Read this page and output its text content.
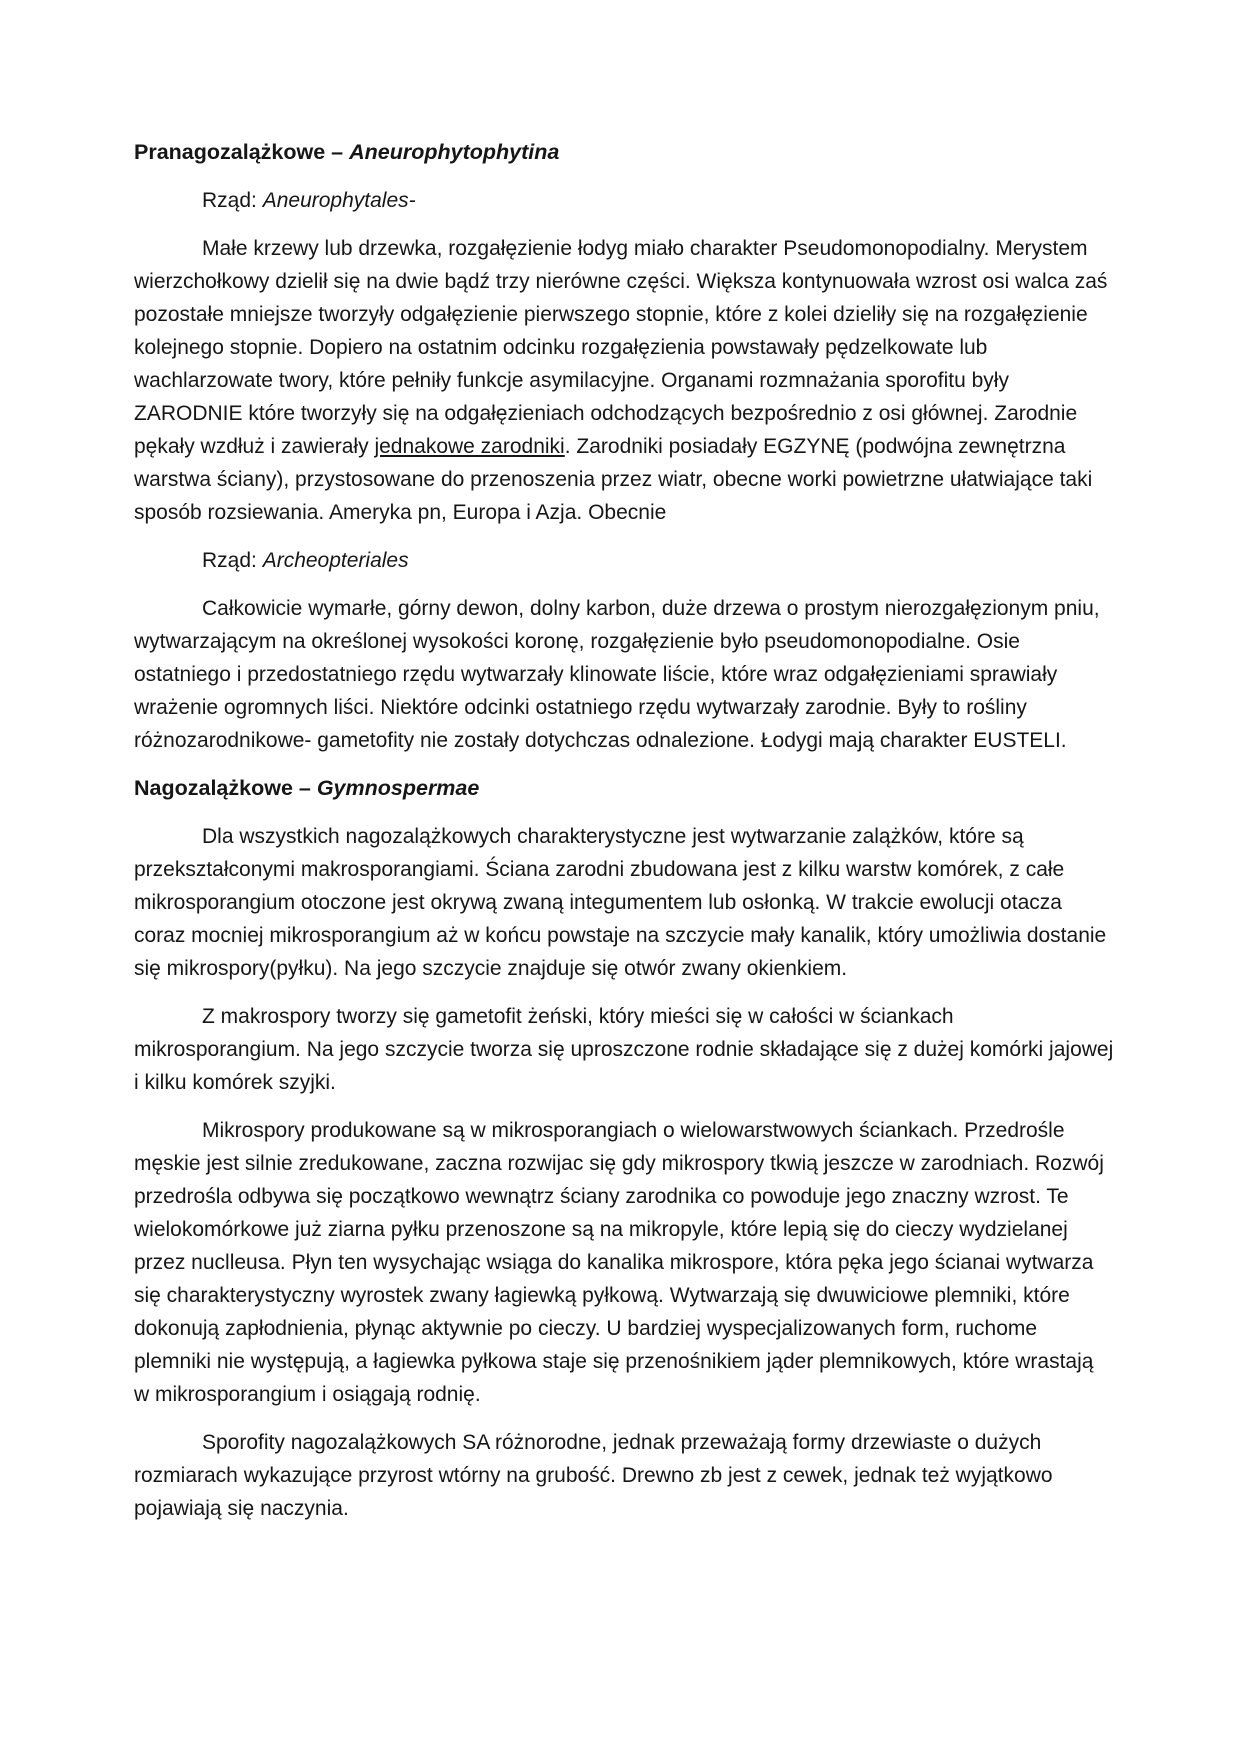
Pranagozalążkowe – Aneurophytophytina
Rząd: Aneurophytales-

Małe krzewy lub drzewka, rozgałęzienie łodyg miało charakter Pseudomonopodialny. Merystem wierzchołkowy dzielił się na dwie bądź trzy nierówne części. Większa kontynuowała wzrost osi walca zaś pozostałe mniejsze tworzyły odgałęzienie pierwszego stopnie, które z kolei dzieliły się na rozgałęzienie kolejnego stopnie. Dopiero na ostatnim odcinku rozgałęzienia powstawały pędzelkowate lub wachlarzowate twory, które pełniły funkcje asymilacyjne. Organami rozmnażania sporofitu były ZARODNIE które tworzyły się na odgałęzieniach odchodzących bezpośrednio z osi głównej. Zarodnie pękały wzdłuż i zawierały jednakowe zarodniki. Zarodniki posiadały EGZYNĘ (podwójna zewnętrzna warstwa ściany), przystosowane do przenoszenia przez wiatr, obecne worki powietrzne ułatwiające taki sposób rozsiewania. Ameryka pn, Europa i Azja. Obecnie

Rząd: Archeopteriales

Całkowicie wymarłe, górny dewon, dolny karbon, duże drzewa o prostym nierozgałęzionym pniu, wytwarzającym na określonej wysokości koronę, rozgałęzienie było pseudomonopodialne. Osie ostatniego i przedostatniego rzędu wytwarzały klinowate liście, które wraz odgałęzieniami sprawiały wrażenie ogromnych liści. Niektóre odcinki ostatniego rzędu wytwarzały zarodnie. Były to rośliny różnozarodnikowe- gametofity nie zostały dotychczas odnalezione. Łodygi mają charakter EUSTELI.

Nagozalążkowe – Gymnospermae

Dla wszystkich nagozalążkowych charakterystyczne jest wytwarzanie zalążków, które są przekształconymi makrosporangiami. Ściana zarodni zbudowana jest z kilku warstw komórek, z całe mikrosporangium otoczone jest okrywą zwaną integumentem lub osłonką. W trakcie ewolucji otacza coraz mocniej mikrosporangium aż w końcu powstaje na szczycie mały kanalik, który umożliwia dostanie się mikrospory(pyłku). Na jego szczycie znajduje się otwór zwany okienkiem.

Z makrospory tworzy się gametofit żeński, który mieści się w całości w ściankach mikrosporangium. Na jego szczycie tworza się uproszczone rodnie składające się z dużej komórki jajowej i kilku komórek szyjki.

Mikrospory produkowane są w mikrosporangiach o wielowarstwowych ściankach. Przedrośle męskie jest silnie zredukowane, zaczna rozwijac się gdy mikrospory tkwią jeszcze w zarodniach. Rozwój przedrośla odbywa się początkowo wewnątrz ściany zarodnika co powoduje jego znaczny wzrost. Te wielokomórkowe już ziarna pyłku przenoszone są na mikropyle, które lepią się do cieczy wydzielanej przez nuclleusa. Płyn ten wysychając wsiąga do kanalika mikrospore, która pęka jego ścianai wytwarza się charakterystyczny wyrostek zwany łagiewką pyłkową. Wytwarzają się dwuwiciowe plemniki, które dokonują zapłodnienia, płynąc aktywnie po cieczy. U bardziej wyspecjalizowanych form, ruchome plemniki nie występują, a łagiewka pyłkowa staje się przenośnikiem jąder plemnikowych, które wrastają w mikrosporangium i osiągają rodnię.

Sporofity nagozalążkowych SA różnorodne, jednak przeważają formy drzewiaste o dużych rozmiarach wykazujące przyrost wtórny na grubość. Drewno zb jest z cewek, jednak też wyjątkowo pojawiają się naczynia.
